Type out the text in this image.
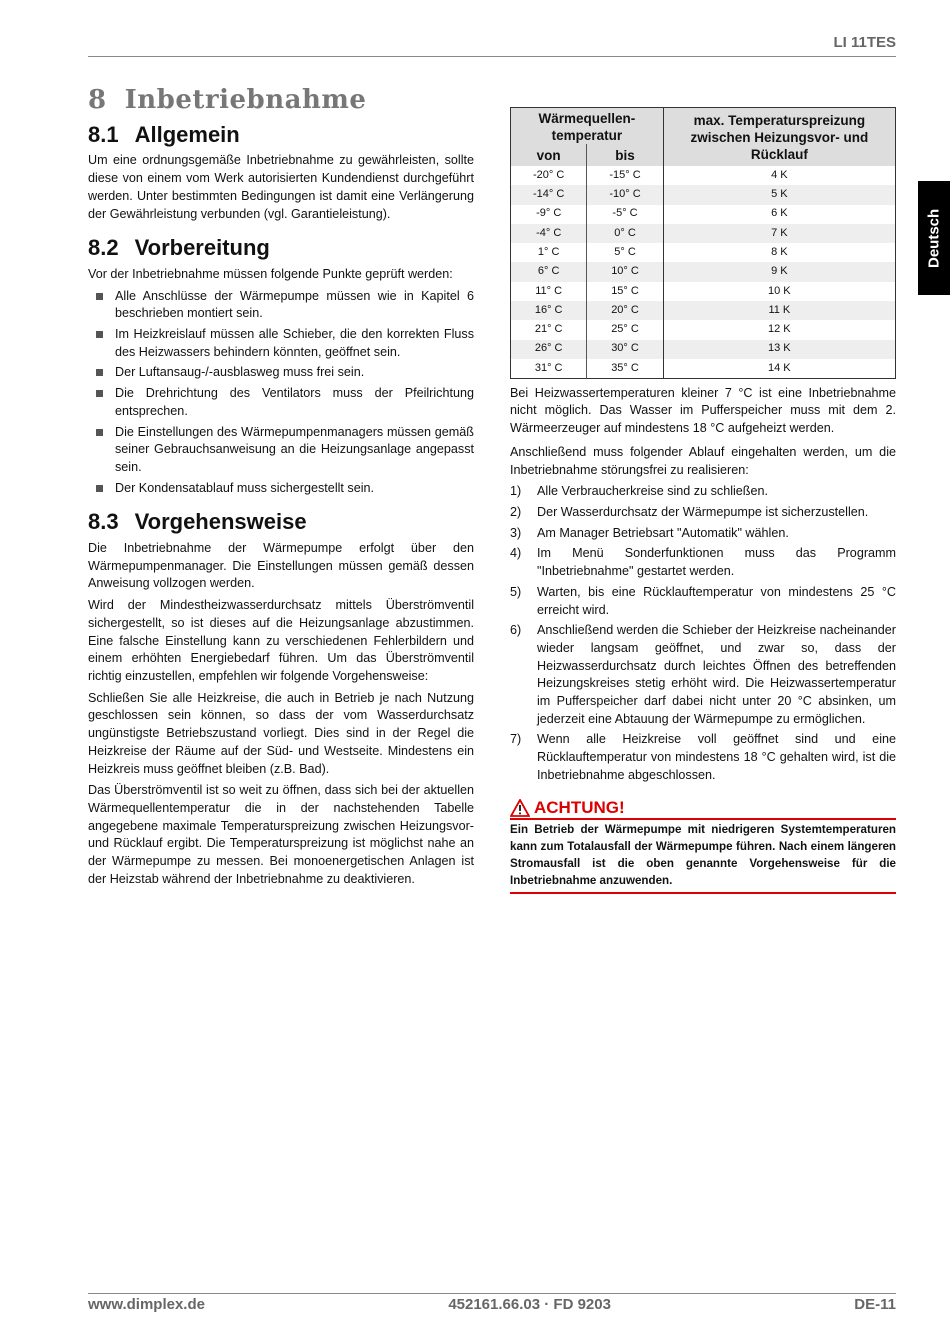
LI 11TES
Deutsch
8 Inbetriebnahme
8.1 Allgemein

Um eine ordnungsgemäße Inbetriebnahme zu gewährleisten, sollte diese von einem vom Werk autorisierten Kundendienst durchgeführt werden. Unter bestimmten Bedingungen ist damit eine Verlängerung der Gewährleistung verbunden (vgl. Garantieleistung).

8.2 Vorbereitung

Vor der Inbetriebnahme müssen folgende Punkte geprüft werden:

Alle Anschlüsse der Wärmepumpe müssen wie in Kapitel 6 beschrieben montiert sein.
Im Heizkreislauf müssen alle Schieber, die den korrekten Fluss des Heizwassers behindern könnten, geöffnet sein.
Der Luftansaug-/-ausblasweg muss frei sein.
Die Drehrichtung des Ventilators muss der Pfeilrichtung entsprechen.
Die Einstellungen des Wärmepumpenmanagers müssen gemäß seiner Gebrauchsanweisung an die Heizungsanlage angepasst sein.
Der Kondensatablauf muss sichergestellt sein.
8.3 Vorgehensweise

Die Inbetriebnahme der Wärmepumpe erfolgt über den Wärmepumpenmanager. Die Einstellungen müssen gemäß dessen Anweisung vollzogen werden.

Wird der Mindestheizwasserdurchsatz mittels Überströmventil sichergestellt, so ist dieses auf die Heizungsanlage abzustimmen. Eine falsche Einstellung kann zu verschiedenen Fehlerbildern und einem erhöhten Energiebedarf führen. Um das Überströmventil richtig einzustellen, empfehlen wir folgende Vorgehensweise:

Schließen Sie alle Heizkreise, die auch in Betrieb je nach Nutzung geschlossen sein können, so dass der vom Wasserdurchsatz ungünstigste Betriebszustand vorliegt. Dies sind in der Regel die Heizkreise der Räume auf der Süd- und Westseite. Mindestens ein Heizkreis muss geöffnet bleiben (z.B. Bad).

Das Überströmventil ist so weit zu öffnen, dass sich bei der aktuellen Wärmequellentemperatur die in der nachstehenden Tabelle angegebene maximale Temperaturspreizung zwischen Heizungsvor- und Rücklauf ergibt. Die Temperaturspreizung ist möglichst nahe an der Wärmepumpe zu messen. Bei monoenergetischen Anlagen ist der Heizstab während der Inbetriebnahme zu deaktivieren.

Wärmequellen-temperatur		max. Temperaturspreizung zwischen Heizungsvor- und Rücklauf
von	bis	
-20° C	-15° C	4 K
-14° C	-10° C	5 K
-9° C	-5° C	6 K
-4° C	0° C	7 K
1° C	5° C	8 K
6° C	10° C	9 K
11° C	15° C	10 K
16° C	20° C	11 K
21° C	25° C	12 K
26° C	30° C	13 K
31° C	35° C	14 K

Bei Heizwassertemperaturen kleiner 7 °C ist eine Inbetriebnahme nicht möglich. Das Wasser im Pufferspeicher muss mit dem 2. Wärmeerzeuger auf mindestens 18 °C aufgeheizt werden.

Anschließend muss folgender Ablauf eingehalten werden, um die Inbetriebnahme störungsfrei zu realisieren:

1) Alle Verbraucherkreise sind zu schließen.
2) Der Wasserdurchsatz der Wärmepumpe ist sicherzustellen.
3) Am Manager Betriebsart "Automatik" wählen.
4) Im Menü Sonderfunktionen muss das Programm "Inbetriebnahme" gestartet werden.
5) Warten, bis eine Rücklauftemperatur von mindestens 25 °C erreicht wird.
6) Anschließend werden die Schieber der Heizkreise nacheinander wieder langsam geöffnet, und zwar so, dass der Heizwasserdurchsatz durch leichtes Öffnen des betreffenden Heizungskreises stetig erhöht wird. Die Heizwassertemperatur im Pufferspeicher darf dabei nicht unter 20 °C absinken, um jederzeit eine Abtauung der Wärmepumpe zu ermöglichen.
7) Wenn alle Heizkreise voll geöffnet sind und eine Rücklauftemperatur von mindestens 18 °C gehalten wird, ist die Inbetriebnahme abgeschlossen.
ACHTUNG!
Ein Betrieb der Wärmepumpe mit niedrigeren Systemtemperaturen kann zum Totalausfall der Wärmepumpe führen. Nach einem längeren Stromausfall ist die oben genannte Vorgehensweise für die Inbetriebnahme anzuwenden.
www.dimplex.de	452161.66.03 · FD 9203	DE-11
